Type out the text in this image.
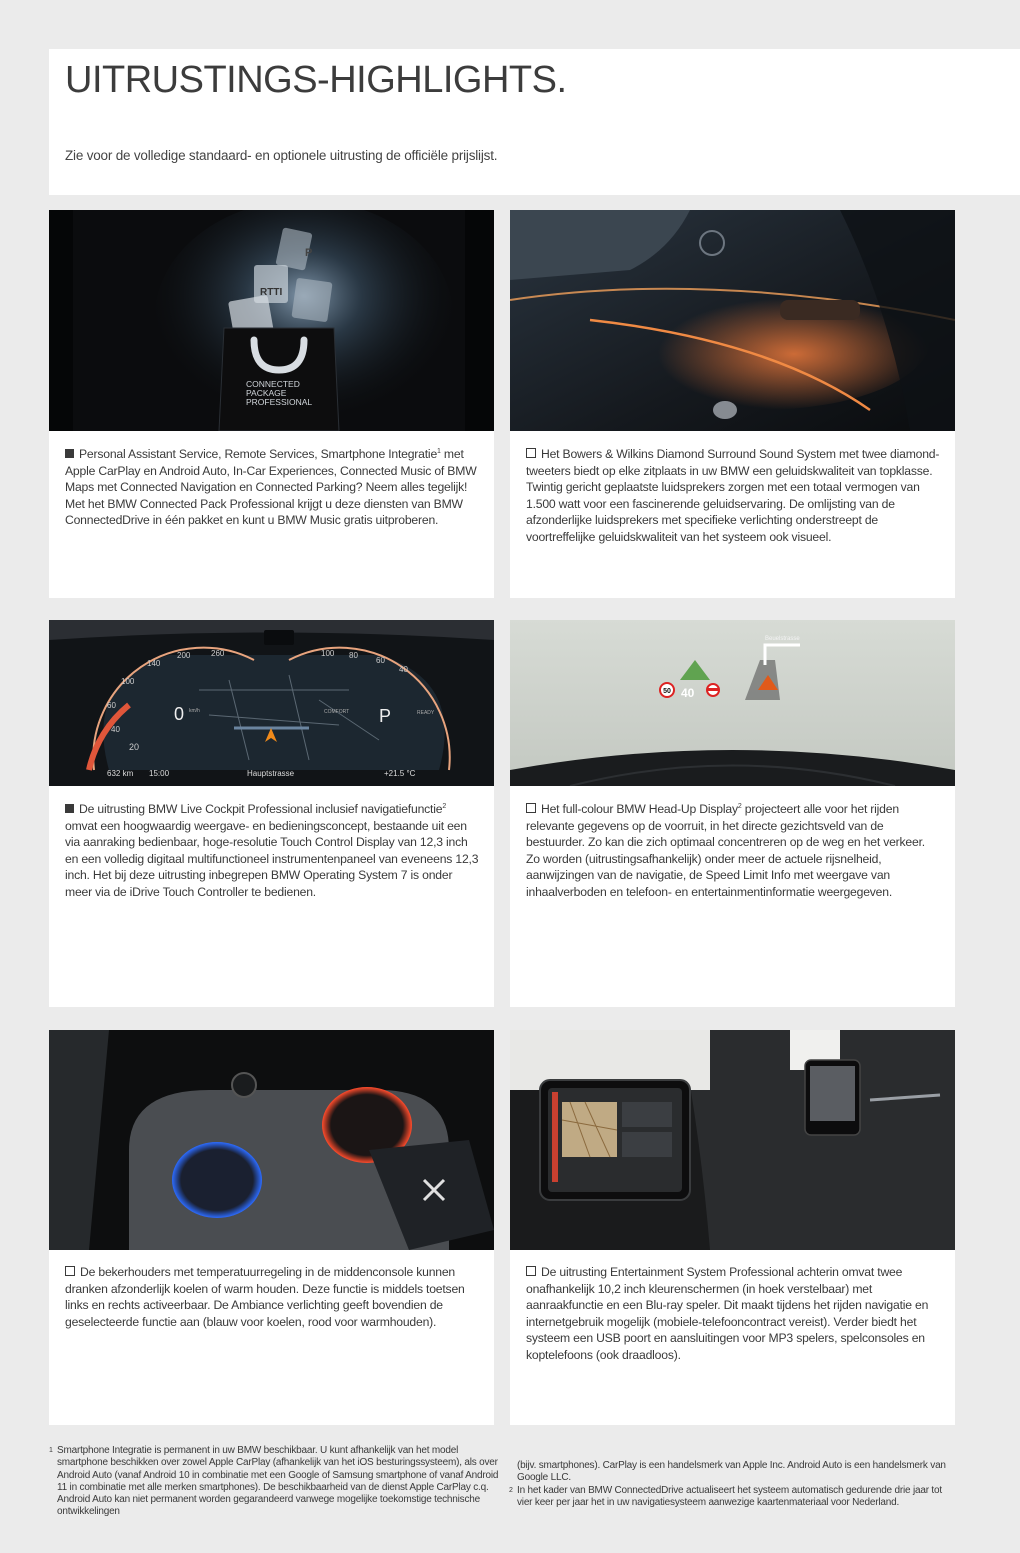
UITRUSTINGS-HIGHLIGHTS.
Zie voor de volledige standaard- en optionele uitrusting de officiële prijslijst.
RTTI
P
CONNECTED
PACKAGE
PROFESSIONAL
Personal Assistant Service, Remote Services, Smartphone Integratie$^1$ met Apple CarPlay en Android Auto, In-Car Experiences, Connected Music of BMW Maps met Connected Navigation en Connected Parking? Neem alles tegelijk! Met het BMW Connected Pack Professional krijgt u deze diensten van BMW ConnectedDrive in één pakket en kunt u BMW Music gratis uitproberen.
Het Bowers & Wilkins Diamond Surround Sound System met twee diamond-tweeters biedt op elke zitplaats in uw BMW een geluidskwaliteit van topklasse. Twintig gericht geplaatste luidsprekers zorgen met een totaal vermogen van 1.500 watt voor een fascinerende geluidservaring. De omlijsting van de afzonderlijke luidsprekers met specifieke verlichting onderstreept de voortreffelijke geluidskwaliteit van het systeem ook visueel.
0 km/h	P	READY
COMFORT
20
40
60
100
140
200	260	100 80
60
40
632 km 15:00	Hauptstrasse	+21.5 °C
De uitrusting BMW Live Cockpit Professional inclusief navigatiefunctie$^2$ omvat een hoogwaardig weergave- en bedieningsconcept, bestaande uit een via aanraking bedienbaar, hoge-resolutie Touch Control Display van 12,3 inch en een volledig digitaal multifunctioneel instrumentenpaneel van eveneens 12,3 inch. Het bij deze uitrusting inbegrepen BMW Operating System 7 is onder meer via de iDrive Touch Controller te bedienen.
50 40
Beuelstrasse
Het full-colour BMW Head-Up Display$^2$ projecteert alle voor het rijden relevante gegevens op de voorruit, in het directe gezichtsveld van de bestuurder. Zo kan die zich optimaal concentreren op de weg en het verkeer. Zo worden (uitrustingsafhankelijk) onder meer de actuele rijsnelheid, aanwijzingen van de navigatie, de Speed Limit Info met weergave van inhaalverboden en telefoon- en entertainmentinformatie weergegeven.
De bekerhouders met temperatuurregeling in de middenconsole kunnen dranken afzonderlijk koelen of warm houden. Deze functie is middels toetsen links en rechts activeerbaar. De Ambiance verlichting geeft bovendien de geselecteerde functie aan (blauw voor koelen, rood voor warmhouden).
De uitrusting Entertainment System Professional achterin omvat twee onafhankelijk 10,2 inch kleurenschermen (in hoek verstelbaar) met aanraakfunctie en een Blu-ray speler. Dit maakt tijdens het rijden navigatie en internetgebruik mogelijk (mobiele-telefooncontract vereist). Verder biedt het systeem een USB poort en aansluitingen voor MP3 spelers, spelconsoles en koptelefoons (ook draadloos).
1 Smartphone Integratie is permanent in uw BMW beschikbaar. U kunt afhankelijk van het model smartphone beschikken over zowel Apple CarPlay (afhankelijk van het iOS besturingssysteem), als over Android Auto (vanaf Android 10 in combinatie met een Google of Samsung smartphone of vanaf Android 11 in combinatie met alle merken smartphones). De beschikbaarheid van de dienst Apple CarPlay c.q. Android Auto kan niet permanent worden gegarandeerd vanwege mogelijke toekomstige technische ontwikkelingen
(bijv. smartphones). CarPlay is een handelsmerk van Apple Inc. Android Auto is een handelsmerk van Google LLC.
2 In het kader van BMW ConnectedDrive actualiseert het systeem automatisch gedurende drie jaar tot vier keer per jaar het in uw navigatiesysteem aanwezige kaartenmateriaal voor Nederland.
